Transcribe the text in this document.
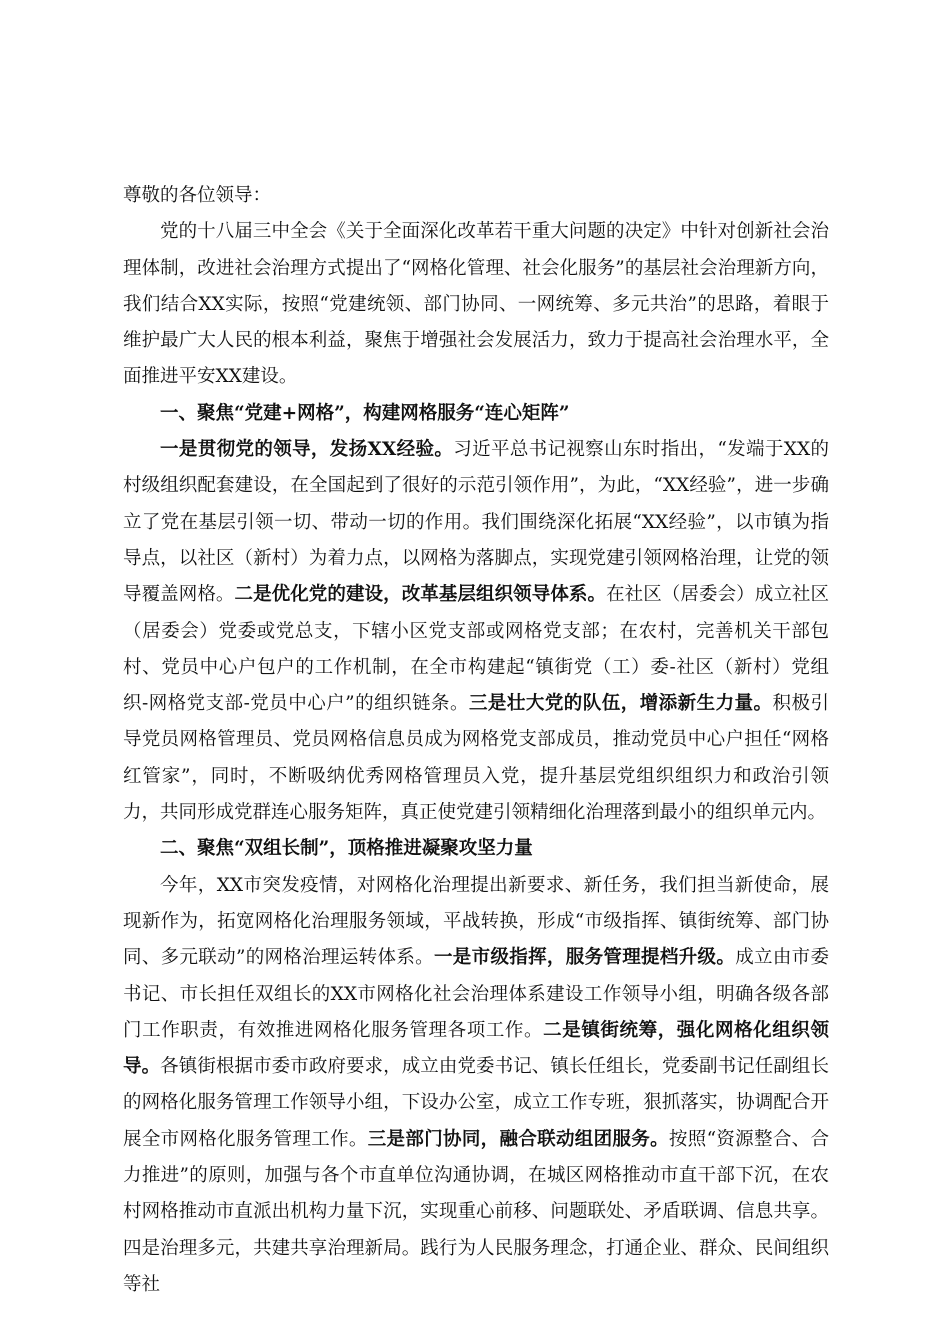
尊敬的各位领导：

党的十八届三中全会《关于全面深化改革若干重大问题的决定》中针对创新社会治理体制，改进社会治理方式提出了“网格化管理、社会化服务”的基层社会治理新方向，我们结合XX实际，按照“党建统领、部门协同、一网统筹、多元共治”的思路，着眼于维护最广大人民的根本利益，聚焦于增强社会发展活力，致力于提高社会治理水平，全面推进平安XX建设。

一、聚焦“党建+网格”，构建网格服务“连心矩阵”

一是贯彻党的领导，发扬XX经验。习近平总书记视察山东时指出，“发端于XX的村级组织配套建设，在全国起到了很好的示范引领作用”，为此，“XX经验”，进一步确立了党在基层引领一切、带动一切的作用。我们围绕深化拓展“XX经验”，以市镇为指导点，以社区（新村）为着力点，以网格为落脚点，实现党建引领网格治理，让党的领导覆盖网格。二是优化党的建设，改革基层组织领导体系。在社区（居委会）成立社区（居委会）党委或党总支，下辖小区党支部或网格党支部；在农村，完善机关干部包村、党员中心户包户的工作机制，在全市构建起“镇街党（工）委-社区（新村）党组织-网格党支部-党员中心户”的组织链条。三是壮大党的队伍，增添新生力量。积极引导党员网格管理员、党员网格信息员成为网格党支部成员，推动党员中心户担任“网格红管家”，同时，不断吸纳优秀网格管理员入党，提升基层党组织组织力和政治引领力，共同形成党群连心服务矩阵，真正使党建引领精细化治理落到最小的组织单元内。

二、聚焦“双组长制”，顶格推进凝聚攻坚力量

今年，XX市突发疫情，对网格化治理提出新要求、新任务，我们担当新使命，展现新作为，拓宽网格化治理服务领域，平战转换，形成“市级指挥、镇街统筹、部门协同、多元联动”的网格治理运转体系。一是市级指挥，服务管理提档升级。成立由市委书记、市长担任双组长的XX市网格化社会治理体系建设工作领导小组，明确各级各部门工作职责，有效推进网格化服务管理各项工作。二是镇街统筹，强化网格化组织领导。各镇街根据市委市政府要求，成立由党委书记、镇长任组长，党委副书记任副组长的网格化服务管理工作领导小组，下设办公室，成立工作专班，狠抓落实，协调配合开展全市网格化服务管理工作。三是部门协同，融合联动组团服务。按照“资源整合、合力推进”的原则，加强与各个市直单位沟通协调，在城区网格推动市直干部下沉，在农村网格推动市直派出机构力量下沉，实现重心前移、问题联处、矛盾联调、信息共享。四是治理多元，共建共享治理新局。践行为人民服务理念，打通企业、群众、民间组织等社
